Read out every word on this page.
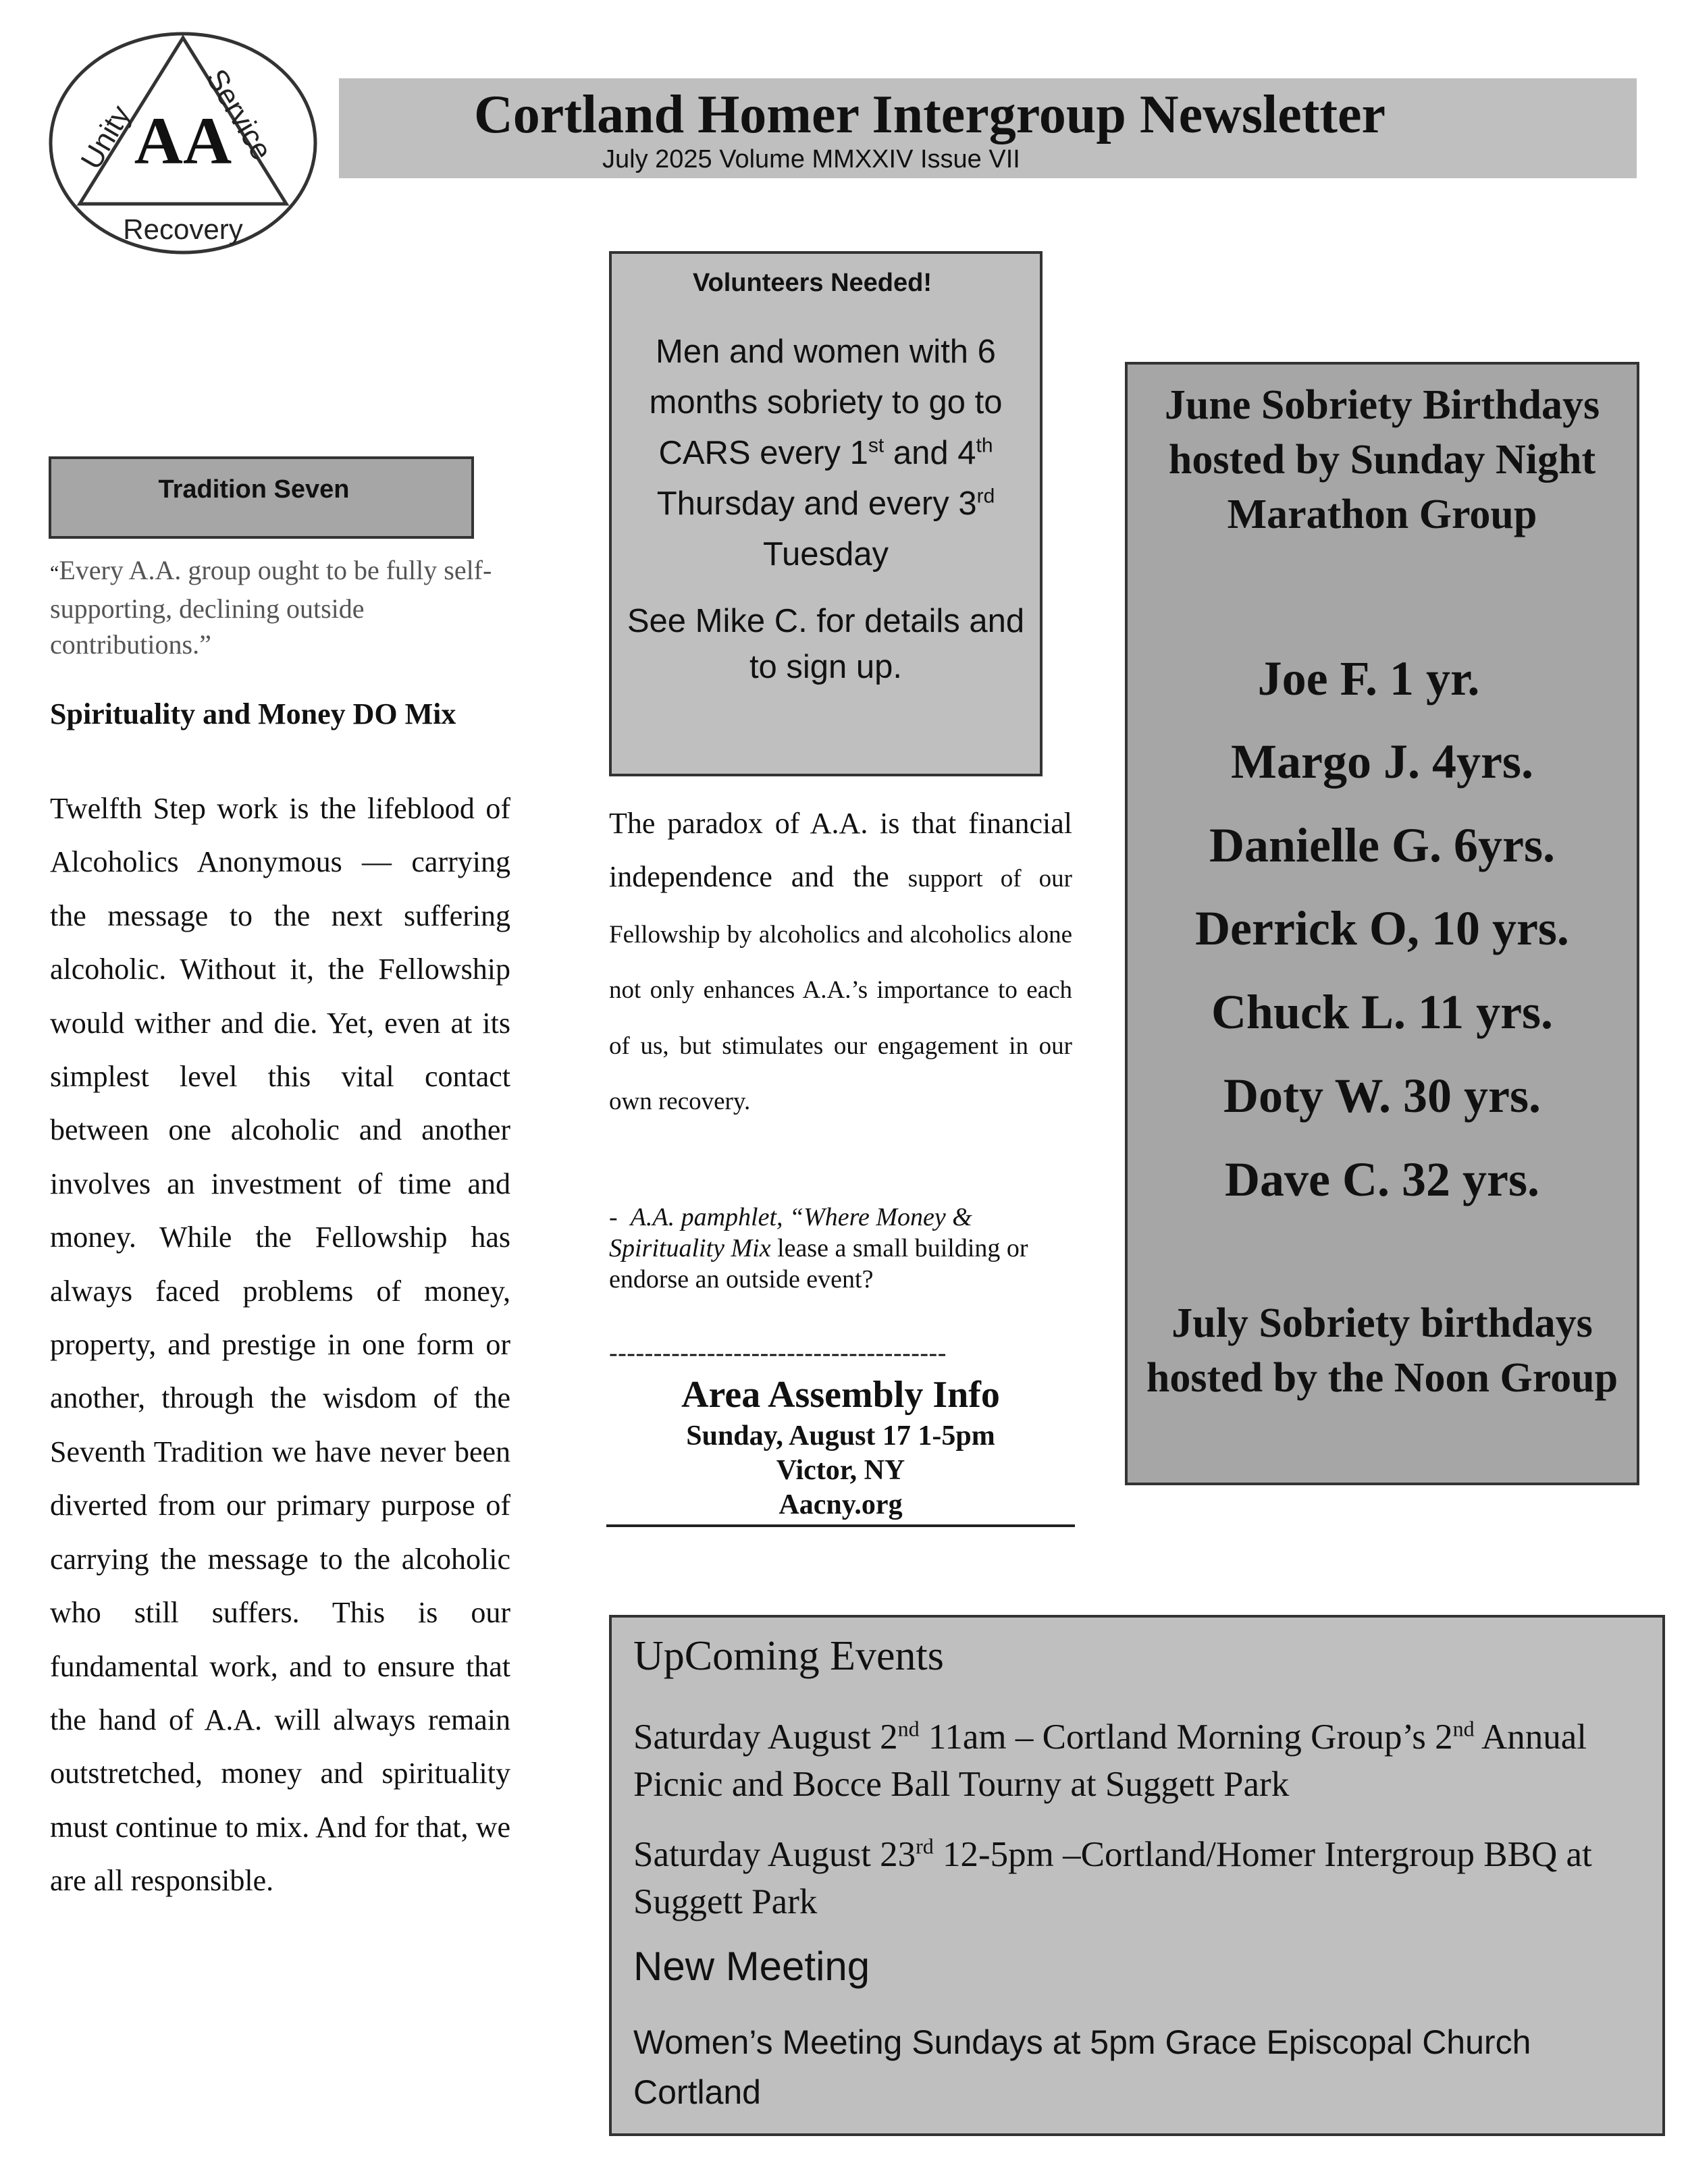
Unity
Service
AA
Recovery
Cortland Homer Intergroup Newsletter
July 2025 Volume MMXXIV Issue VII
Tradition Seven
“Every A.A. group ought to be fully self-supporting, declining outside contributions.”
Spirituality and Money DO Mix
Twelfth Step work is the lifeblood of Alcoholics Anonymous — carrying the message to the next suffering alcoholic. Without it, the Fellowship would wither and die. Yet, even at its simplest level this vital contact between one alcoholic and another involves an investment of time and money. While the Fellowship has always faced problems of money, property, and prestige in one form or another, through the wisdom of the Seventh Tradition we have never been diverted from our primary purpose of carrying the message to the alcoholic who still suffers. This is our fundamental work, and to ensure that the hand of A.A. will always remain outstretched, money and spirituality must continue to mix. And for that, we are all responsible.
Volunteers Needed!
Men and women with 6 months sobriety to go to CARS every 1st and 4th Thursday and every 3rd Tuesday
See Mike C. for details and to sign up.
The paradox of A.A. is that financial independence and the support of our Fellowship by alcoholics and alcoholics alone not only enhances A.A.’s importance to each of us, but stimulates our engagement in our own recovery.
-  A.A. pamphlet, “Where Money & Spirituality Mix lease a small building or endorse an outside event?
--------------------------------------
Area Assembly Info
Sunday, August 17 1-5pm
Victor, NY
Aacny.org
June Sobriety Birthdays hosted by Sunday Night Marathon Group
Joe F. 1 yr.
Margo J. 4yrs.
Danielle G. 6yrs.
Derrick O, 10 yrs.
Chuck L. 11 yrs.
Doty W. 30 yrs.
Dave C. 32 yrs.
July Sobriety birthdays hosted by the Noon Group
UpComing Events
Saturday August 2nd 11am – Cortland Morning Group’s 2nd Annual Picnic and Bocce Ball Tourny at Suggett Park
Saturday August 23rd 12-5pm –Cortland/Homer Intergroup BBQ at Suggett Park
New Meeting
Women’s Meeting Sundays at 5pm Grace Episcopal Church Cortland
